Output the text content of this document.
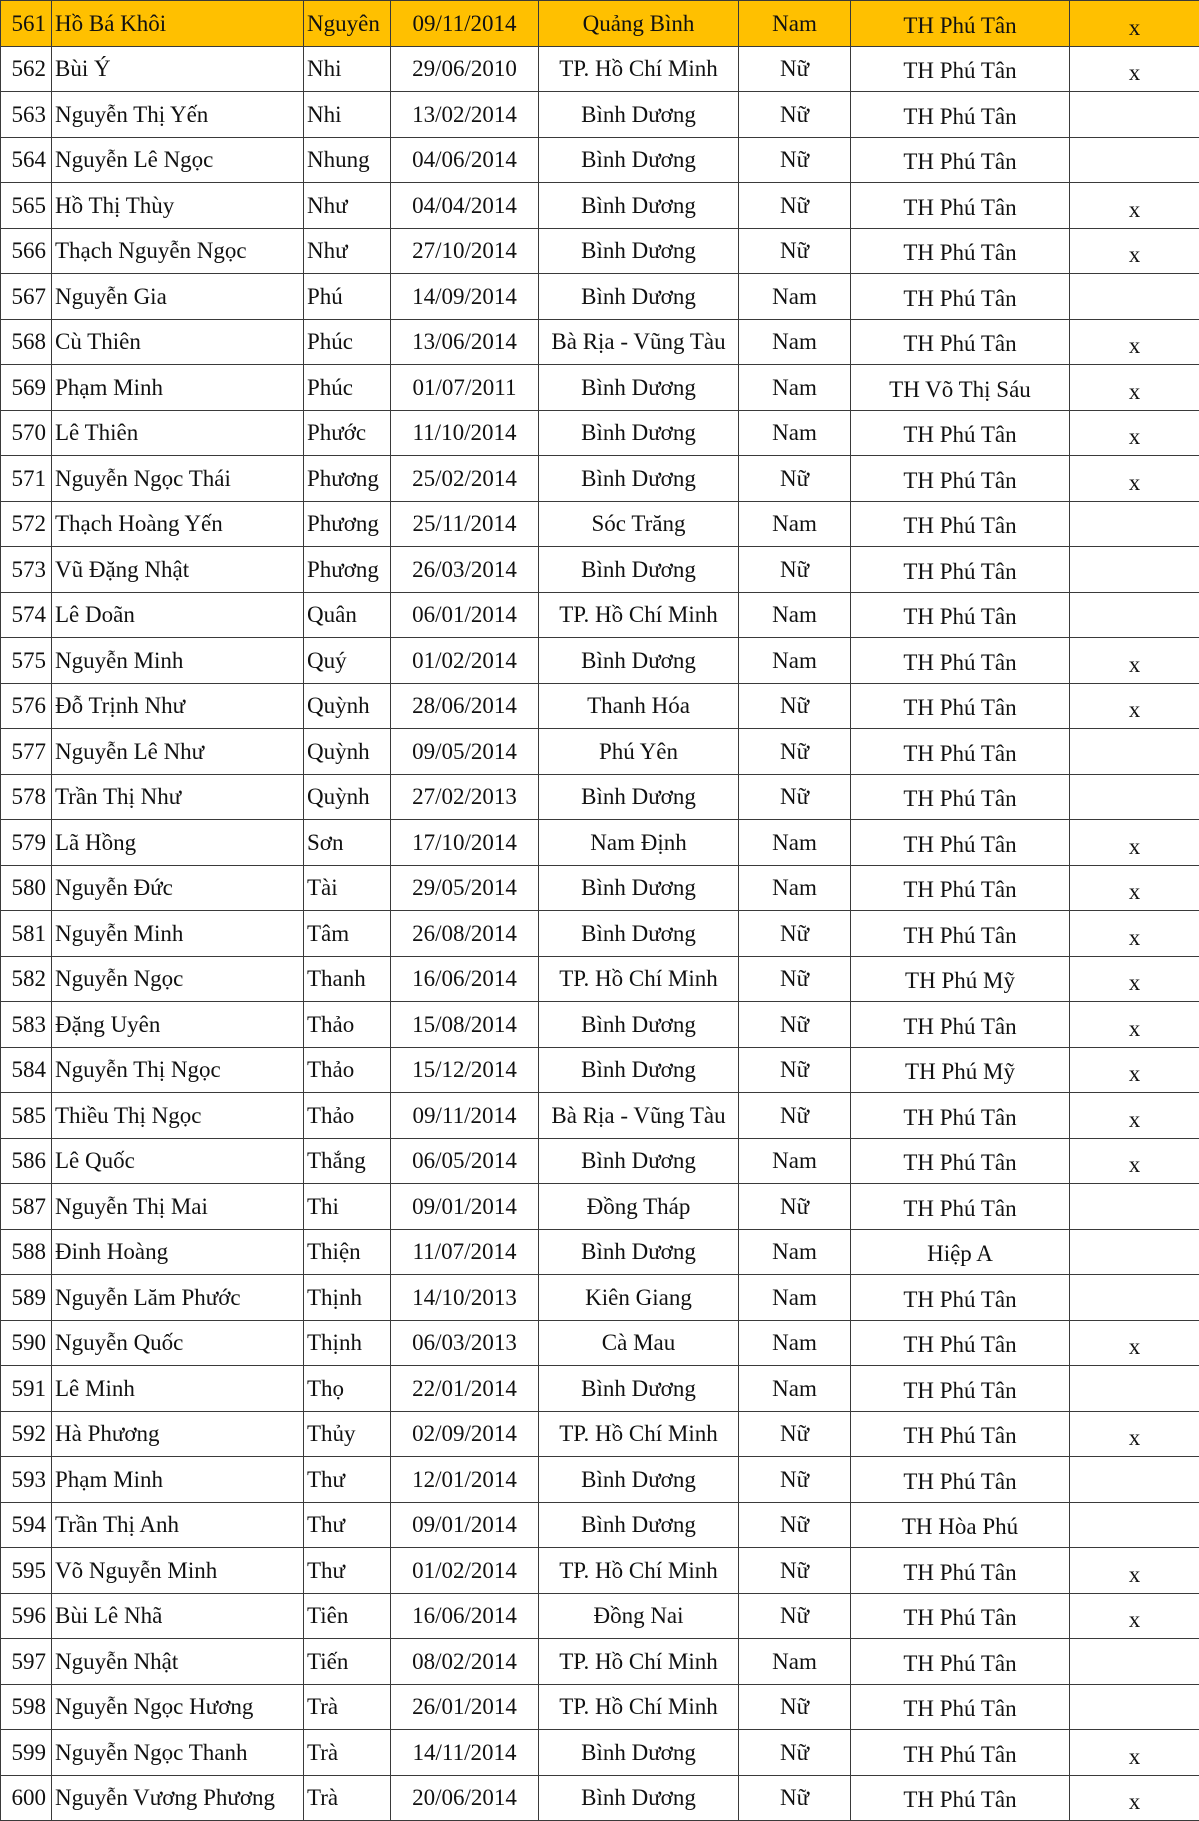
561	Hồ Bá Khôi	Nguyên	09/11/2014	Quảng Bình	Nam	TH Phú Tân	x
562	Bùi Ý	Nhi	29/06/2010	TP. Hồ Chí Minh	Nữ	TH Phú Tân	x
563	Nguyễn Thị Yến	Nhi	13/02/2014	Bình Dương	Nữ	TH Phú Tân	
564	Nguyễn Lê Ngọc	Nhung	04/06/2014	Bình Dương	Nữ	TH Phú Tân	
565	Hồ Thị Thùy	Như	04/04/2014	Bình Dương	Nữ	TH Phú Tân	x
566	Thạch Nguyễn Ngọc	Như	27/10/2014	Bình Dương	Nữ	TH Phú Tân	x
567	Nguyễn Gia	Phú	14/09/2014	Bình Dương	Nam	TH Phú Tân	
568	Cù Thiên	Phúc	13/06/2014	Bà Rịa - Vũng Tàu	Nam	TH Phú Tân	x
569	Phạm Minh	Phúc	01/07/2011	Bình Dương	Nam	TH Võ Thị Sáu	x
570	Lê Thiên	Phước	11/10/2014	Bình Dương	Nam	TH Phú Tân	x
571	Nguyễn Ngọc Thái	Phương	25/02/2014	Bình Dương	Nữ	TH Phú Tân	x
572	Thạch Hoàng Yến	Phương	25/11/2014	Sóc Trăng	Nam	TH Phú Tân	
573	Vũ Đặng Nhật	Phương	26/03/2014	Bình Dương	Nữ	TH Phú Tân	
574	Lê Doãn	Quân	06/01/2014	TP. Hồ Chí Minh	Nam	TH Phú Tân	
575	Nguyễn Minh	Quý	01/02/2014	Bình Dương	Nam	TH Phú Tân	x
576	Đỗ Trịnh Như	Quỳnh	28/06/2014	Thanh Hóa	Nữ	TH Phú Tân	x
577	Nguyễn Lê Như	Quỳnh	09/05/2014	Phú Yên	Nữ	TH Phú Tân	
578	Trần Thị Như	Quỳnh	27/02/2013	Bình Dương	Nữ	TH Phú Tân	
579	Lã Hồng	Sơn	17/10/2014	Nam Định	Nam	TH Phú Tân	x
580	Nguyễn Đức	Tài	29/05/2014	Bình Dương	Nam	TH Phú Tân	x
581	Nguyễn Minh	Tâm	26/08/2014	Bình Dương	Nữ	TH Phú Tân	x
582	Nguyễn Ngọc	Thanh	16/06/2014	TP. Hồ Chí Minh	Nữ	TH Phú Mỹ	x
583	Đặng Uyên	Thảo	15/08/2014	Bình Dương	Nữ	TH Phú Tân	x
584	Nguyễn Thị Ngọc	Thảo	15/12/2014	Bình Dương	Nữ	TH Phú Mỹ	x
585	Thiều Thị Ngọc	Thảo	09/11/2014	Bà Rịa - Vũng Tàu	Nữ	TH Phú Tân	x
586	Lê Quốc	Thắng	06/05/2014	Bình Dương	Nam	TH Phú Tân	x
587	Nguyễn Thị Mai	Thi	09/01/2014	Đồng Tháp	Nữ	TH Phú Tân	
588	Đinh Hoàng	Thiện	11/07/2014	Bình Dương	Nam	Hiệp A	
589	Nguyễn Lăm Phước	Thịnh	14/10/2013	Kiên Giang	Nam	TH Phú Tân	
590	Nguyễn Quốc	Thịnh	06/03/2013	Cà Mau	Nam	TH Phú Tân	x
591	Lê Minh	Thọ	22/01/2014	Bình Dương	Nam	TH Phú Tân	
592	Hà Phương	Thủy	02/09/2014	TP. Hồ Chí Minh	Nữ	TH Phú Tân	x
593	Phạm Minh	Thư	12/01/2014	Bình Dương	Nữ	TH Phú Tân	
594	Trần Thị Anh	Thư	09/01/2014	Bình Dương	Nữ	TH Hòa Phú	
595	Võ Nguyễn Minh	Thư	01/02/2014	TP. Hồ Chí Minh	Nữ	TH Phú Tân	x
596	Bùi Lê Nhã	Tiên	16/06/2014	Đồng Nai	Nữ	TH Phú Tân	x
597	Nguyễn Nhật	Tiến	08/02/2014	TP. Hồ Chí Minh	Nam	TH Phú Tân	
598	Nguyễn Ngọc Hương	Trà	26/01/2014	TP. Hồ Chí Minh	Nữ	TH Phú Tân	
599	Nguyễn Ngọc Thanh	Trà	14/11/2014	Bình Dương	Nữ	TH Phú Tân	x
600	Nguyễn Vương Phương	Trà	20/06/2014	Bình Dương	Nữ	TH Phú Tân	x
